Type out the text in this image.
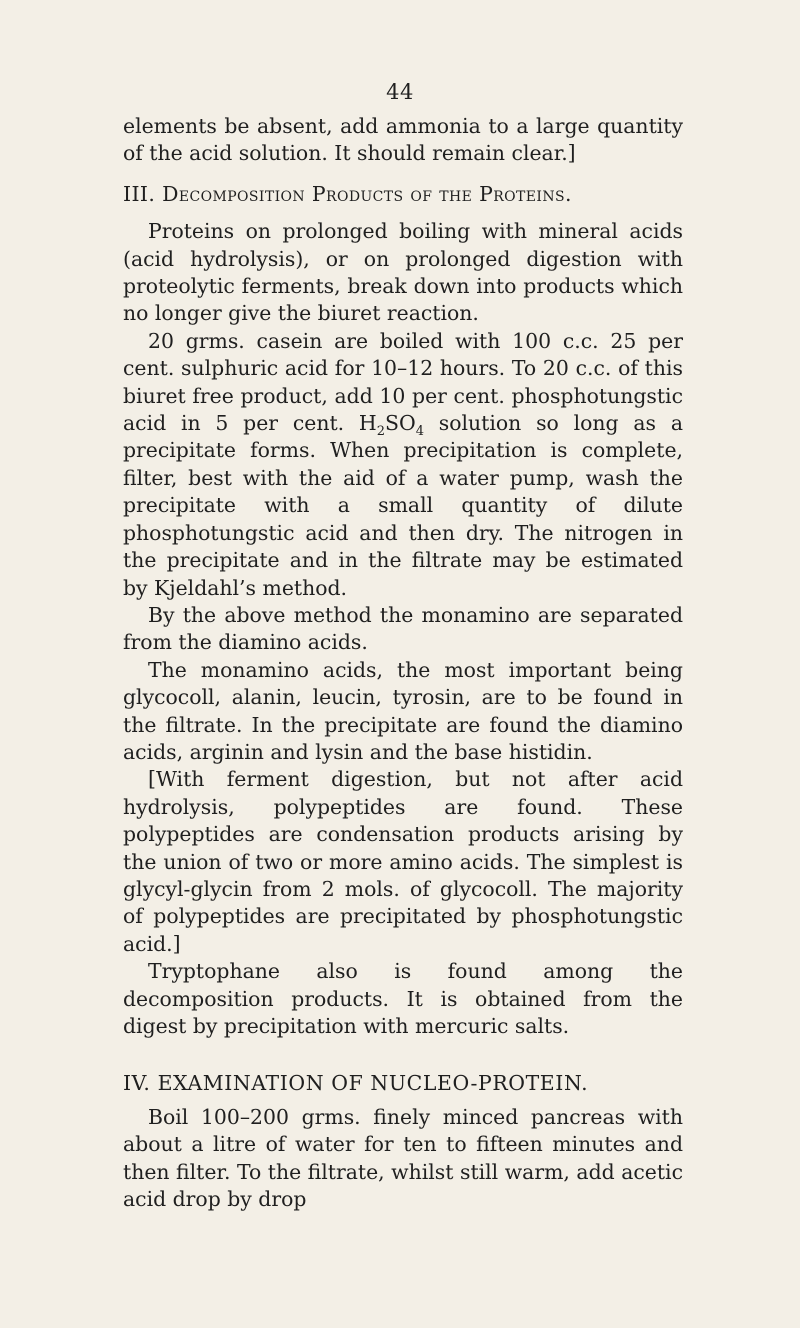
44

elements be absent, add ammonia to a large quantity of the acid solution. It should remain clear.]

III. Decomposition Products of the Proteins.

Proteins on prolonged boiling with mineral acids (acid hydrolysis), or on prolonged digestion with proteolytic ferments, break down into products which no longer give the biuret reaction.

20 grms. casein are boiled with 100 c.c. 25 per cent. sulphuric acid for 10–12 hours. To 20 c.c. of this biuret free product, add 10 per cent. phosphotungstic acid in 5 per cent. $H_2SO_4$ solution so long as a precipitate forms. When precipitation is complete, filter, best with the aid of a water pump, wash the precipitate with a small quantity of dilute phosphotungstic acid and then dry. The nitrogen in the precipitate and in the filtrate may be estimated by Kjeldahl’s method.

By the above method the monamino are separated from the diamino acids.

The monamino acids, the most important being glycocoll, alanin, leucin, tyrosin, are to be found in the filtrate. In the precipitate are found the diamino acids, arginin and lysin and the base histidin.

[With ferment digestion, but not after acid hydrolysis, polypeptides are found. These polypeptides are condensation products arising by the union of two or more amino acids. The simplest is glycyl-glycin from 2 mols. of glycocoll. The majority of polypeptides are precipitated by phosphotungstic acid.]

Tryptophane also is found among the decomposition products. It is obtained from the digest by precipitation with mercuric salts.

IV. EXAMINATION OF NUCLEO-PROTEIN.

Boil 100–200 grms. finely minced pancreas with about a litre of water for ten to fifteen minutes and then filter. To the filtrate, whilst still warm, add acetic acid drop by drop
